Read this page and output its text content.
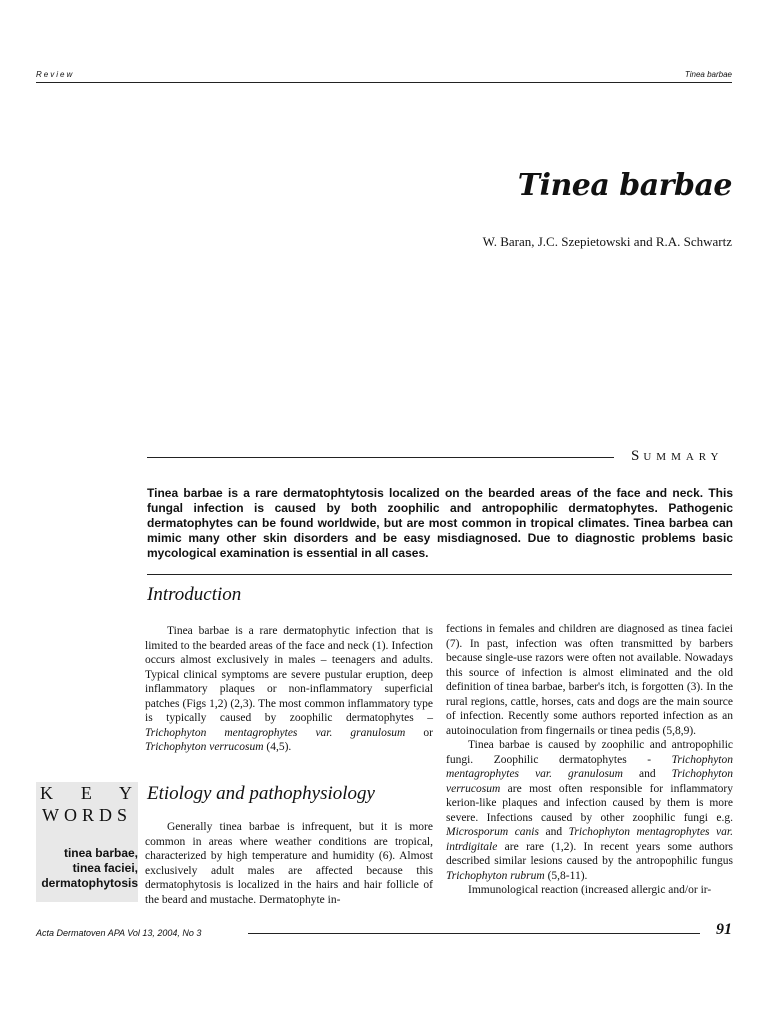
Review	Tinea barbae
Tinea barbae
W. Baran, J.C. Szepietowski and R.A. Schwartz
SUMMARY
Tinea barbae is a rare dermatophtytosis localized on the bearded areas of the face and neck. This fungal infection is caused by both zoophilic and antropophilic dermatophytes. Pathogenic dermatophytes can be found worldwide, but are most common in tropical climates. Tinea barbea can mimic many other skin disorders and be easy misdiagnosed. Due to diagnostic problems basic mycological examination is essential in all cases.
Introduction

Tinea barbae is a rare dermatophytic infection that is limited to the bearded areas of the face and neck (1). Infection occurs almost exclusively in males – teenagers and adults. Typical clinical symptoms are severe pustular eruption, deep inflammatory plaques or non-inflammatory superficial patches (Figs 1,2) (2,3). The most common inflammatory type is typically caused by zoophilic dermatophytes – Trichophyton mentagrophytes var. granulosum or Trichophyton verrucosum (4,5).

K E Y
WORDS
tinea barbae,
tinea faciei,
dermatophytosis
Etiology and pathophysiology

Generally tinea barbae is infrequent, but it is more common in areas where weather conditions are tropical, characterized by high temperature and humidity (6). Almost exclusively adult males are affected because this dermatophytosis is localized in the hairs and hair follicle of the beard and mustache. Dermatophyte in-

fections in females and children are diagnosed as tinea faciei (7). In past, infection was often transmitted by barbers because single-use razors were often not available. Nowadays this source of infection is almost eliminated and the old definition of tinea barbae, barber's itch, is forgotten (3). In the rural regions, cattle, horses, cats and dogs are the main source of infection. Recently some authors reported infection as an autoinoculation from fingernails or tinea pedis (5,8,9).

Tinea barbae is caused by zoophilic and antropophilic fungi. Zoophilic dermatophytes - Trichophyton mentagrophytes var. granulosum and Trichophyton verrucosum are most often responsible for inflammatory kerion-like plaques and infection caused by them is more severe. Infections caused by other zoophilic fungi e.g. Microsporum canis and Trichophyton mentagrophytes var. intrdigitale are rare (1,2). In recent years some authors described similar lesions caused by the antropophilic fungus Trichophyton rubrum (5,8-11).

Immunological reaction (increased allergic and/or ir-

Acta Dermatoven APA Vol 13, 2004, No 3	91
